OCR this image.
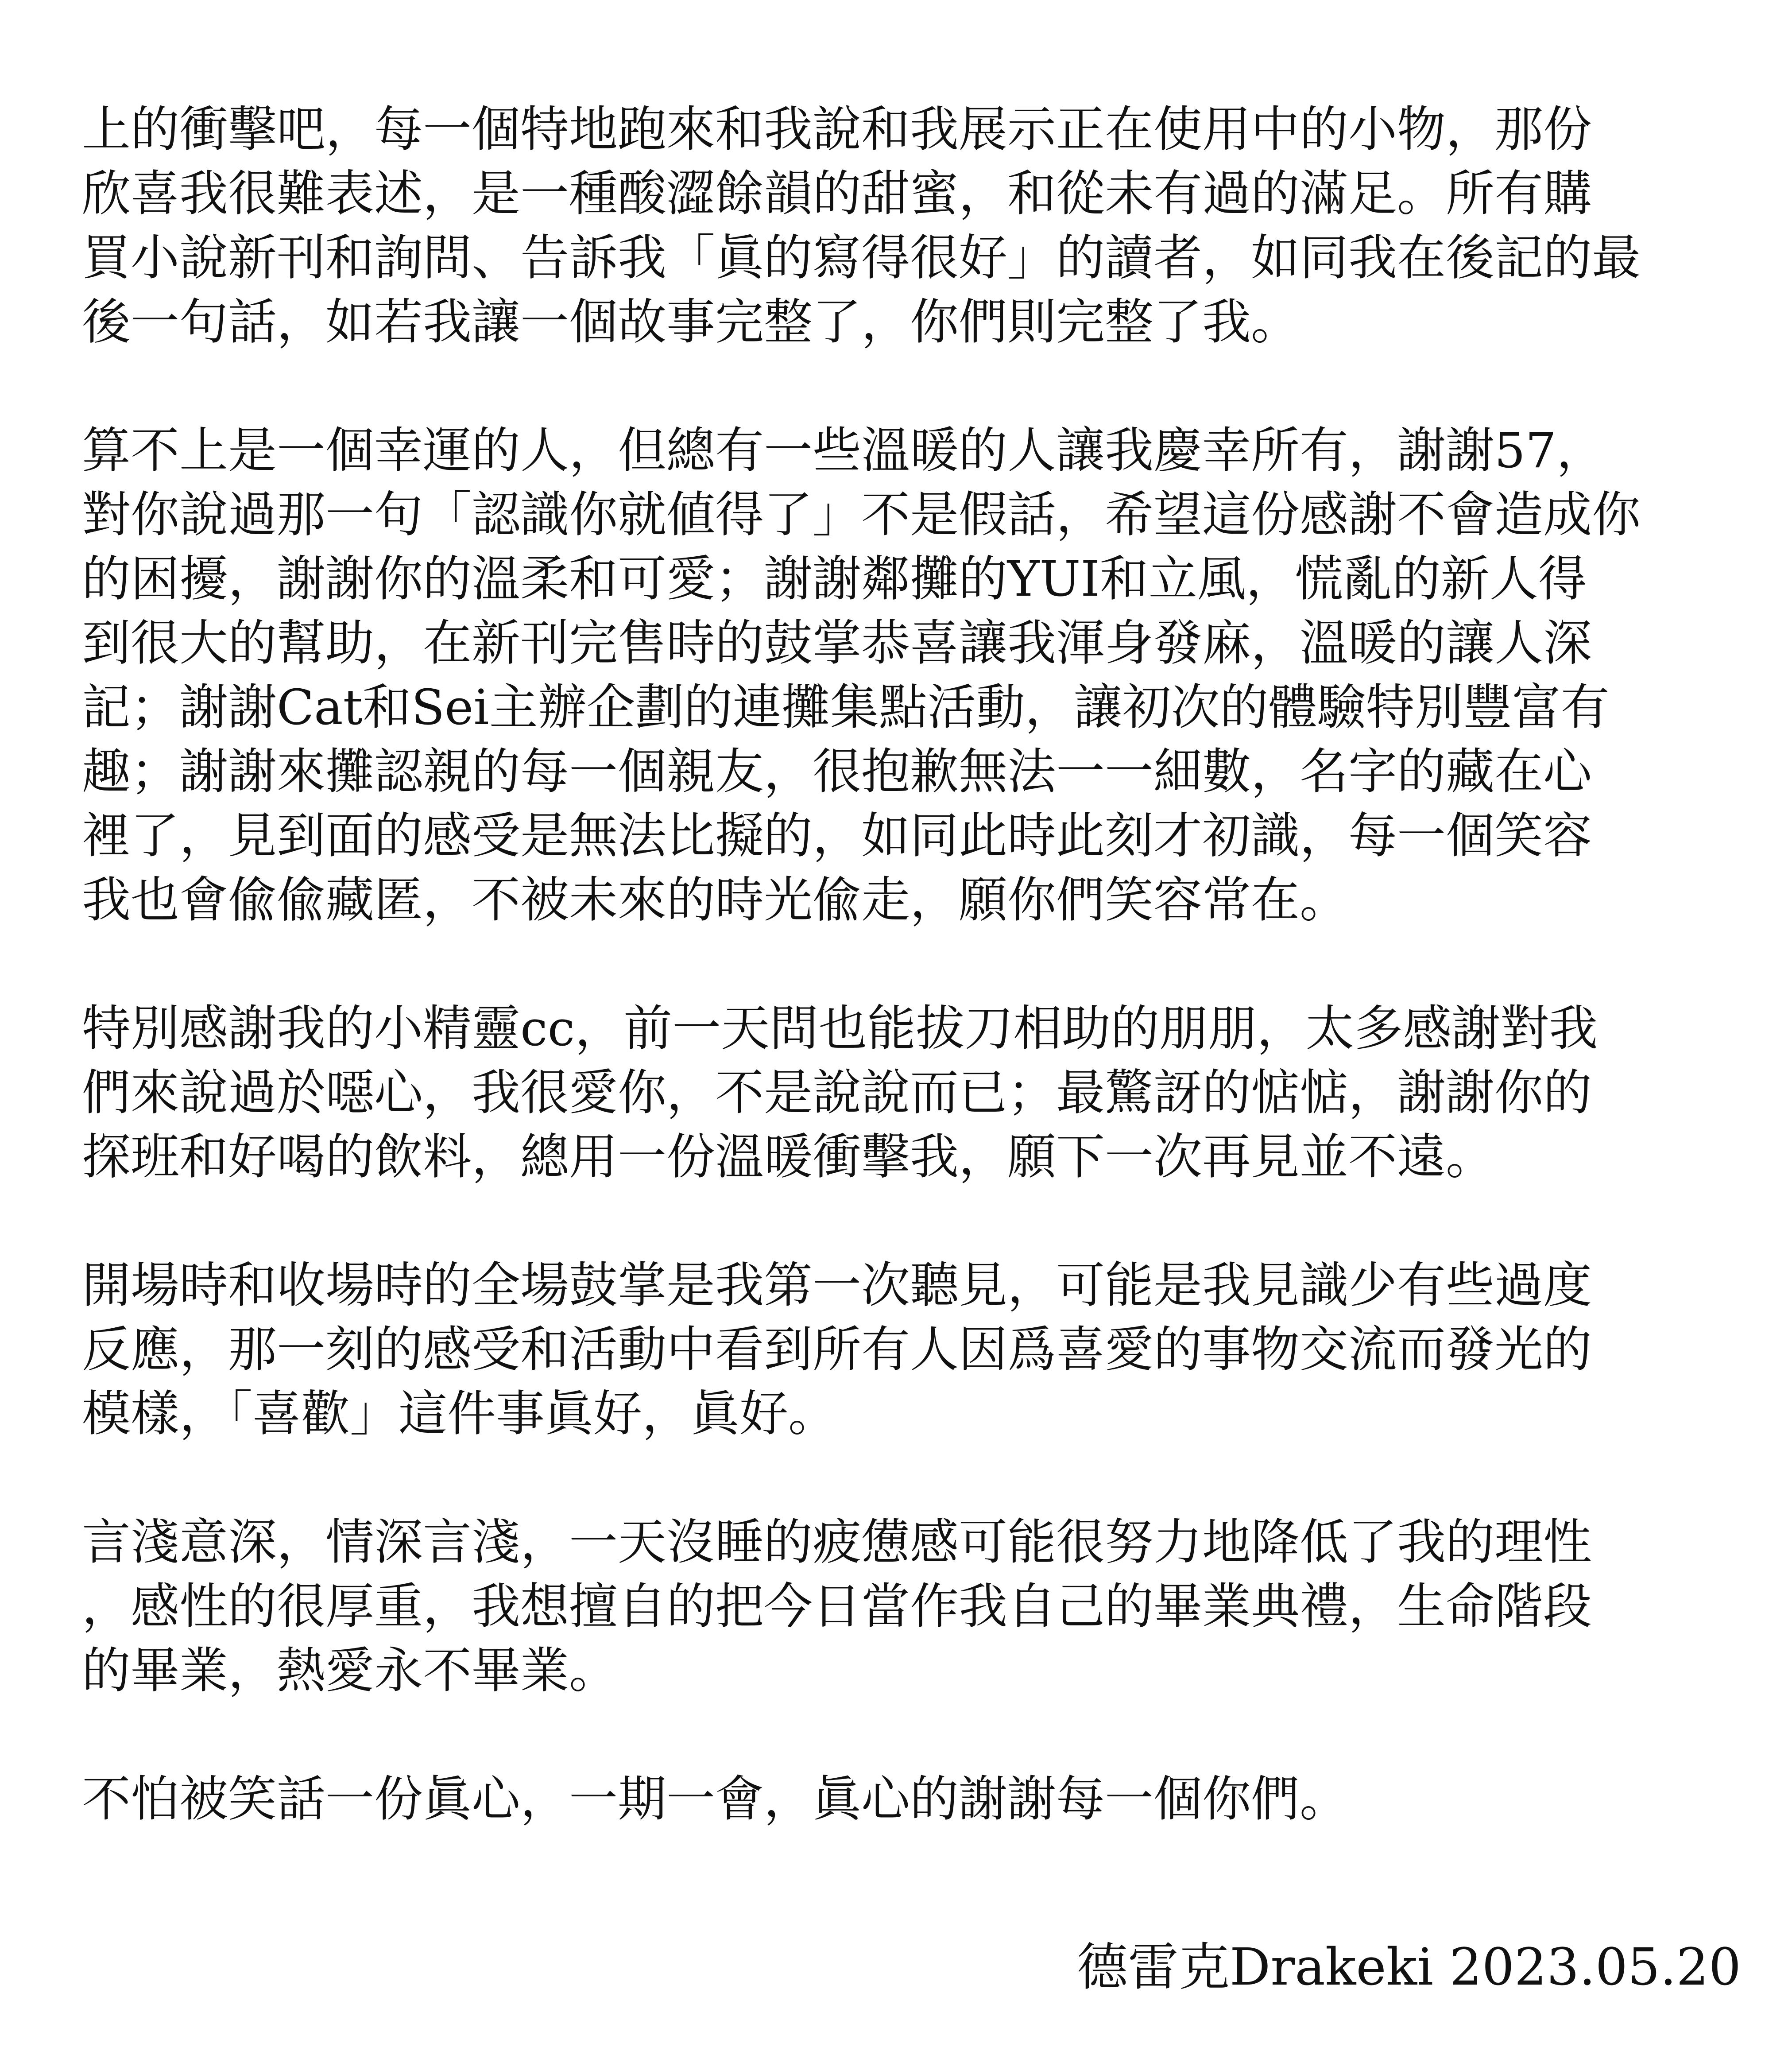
上的衝擊吧，每一個特地跑來和我說和我展示正在使用中的小物，那份
欣喜我很難表述，是一種酸澀餘韻的甜蜜，和從未有過的滿足。所有購
買小說新刊和詢問、告訴我「眞的寫得很好」的讀者，如同我在後記的最
後一句話，如若我讓一個故事完整了，你們則完整了我。

算不上是一個幸運的人，但總有一些溫暖的人讓我慶幸所有，謝謝57，
對你說過那一句「認識你就値得了」不是假話，希望這份感謝不會造成你
的困擾，謝謝你的溫柔和可愛；謝謝鄰攤的YUI和立風，慌亂的新人得
到很大的幫助，在新刊完售時的鼓掌恭喜讓我渾身發麻，溫暖的讓人深
記；謝謝Cat和Sei主辦企劃的連攤集點活動，讓初次的體驗特別豐富有
趣；謝謝來攤認親的每一個親友，很抱歉無法一一細數，名字的藏在心
裡了，見到面的感受是無法比擬的，如同此時此刻才初識，每一個笑容
我也會偸偸藏匿，不被未來的時光偸走，願你們笑容常在。

特別感謝我的小精靈cc，前一天問也能拔刀相助的朋朋，太多感謝對我
們來說過於噁心，我很愛你，不是說說而已；最驚訝的惦惦，謝謝你的
探班和好喝的飲料，總用一份溫暖衝擊我，願下一次再見並不遠。

開場時和收場時的全場鼓掌是我第一次聽見，可能是我見識少有些過度
反應，那一刻的感受和活動中看到所有人因爲喜愛的事物交流而發光的
模樣，「喜歡」這件事眞好，眞好。

言淺意深，情深言淺，一天沒睡的疲憊感可能很努力地降低了我的理性
，感性的很厚重，我想擅自的把今日當作我自己的畢業典禮，生命階段
的畢業，熱愛永不畢業。

不怕被笑話一份眞心，一期一會，眞心的謝謝每一個你們。

德雷克Drakeki 2023.05.20
